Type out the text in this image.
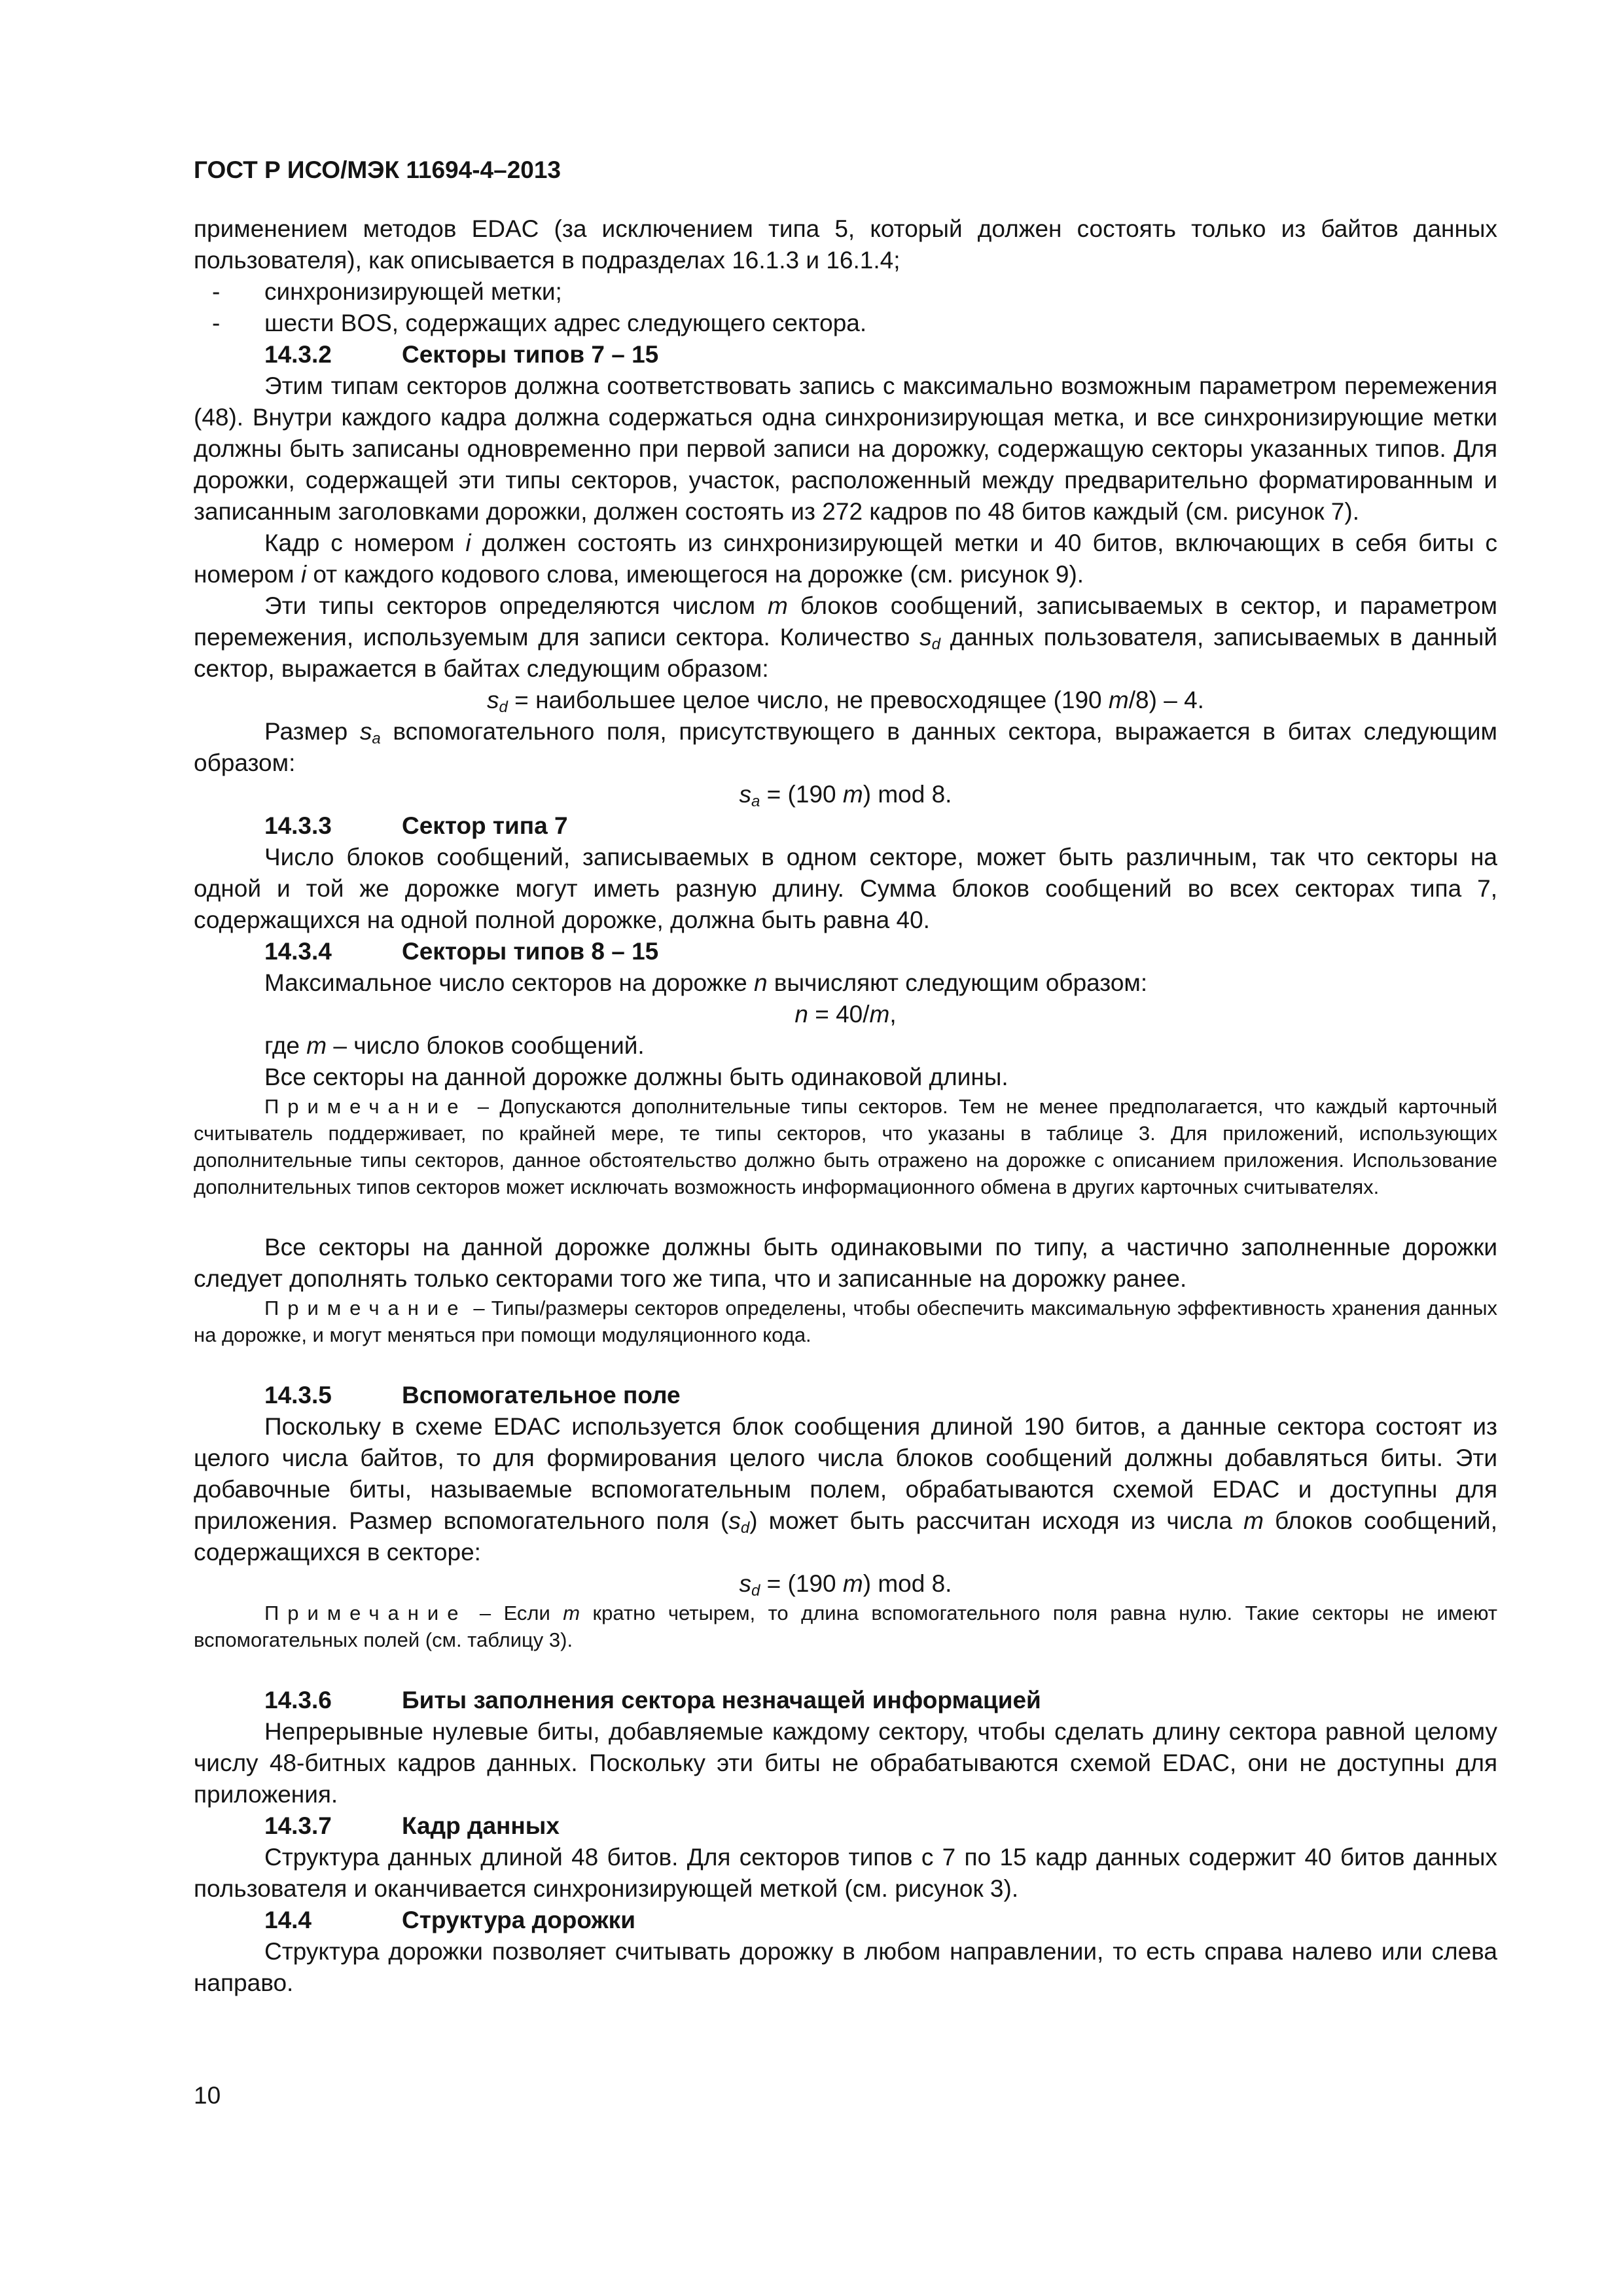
ГОСТ Р ИСО/МЭК 11694-4–2013

применением методов EDAC (за исключением типа 5, который должен состоять только из байтов данных пользователя), как описывается в подразделах 16.1.3 и 16.1.4;

- синхронизирующей метки;
- шести BOS, содержащих адрес следующего сектора.
14.3.2	Секторы типов 7 – 15

Этим типам секторов должна соответствовать запись с максимально возможным параметром перемежения (48). Внутри каждого кадра должна содержаться одна синхронизирующая метка, и все синхронизирующие метки должны быть записаны одновременно при первой записи на дорожку, содержащую секторы указанных типов. Для дорожки, содержащей эти типы секторов, участок, расположенный между предварительно форматированным и записанным заголовками дорожки, должен состоять из 272 кадров по 48 битов каждый (см. рисунок 7).

Кадр с номером i должен состоять из синхронизирующей метки и 40 битов, включающих в себя биты с номером i от каждого кодового слова, имеющегося на дорожке (см. рисунок 9).

Эти типы секторов определяются числом m блоков сообщений, записываемых в сектор, и параметром перемежения, используемым для записи сектора. Количество $s_d$ данных пользователя, записываемых в данный сектор, выражается в байтах следующим образом:

$s_d$ = наибольшее целое число, не превосходящее (190 m/8) – 4.

Размер $s_a$ вспомогательного поля, присутствующего в данных сектора, выражается в битах следующим образом:

$s_a = (190$ m) mod 8.

14.3.3	Сектор типа 7

Число блоков сообщений, записываемых в одном секторе, может быть различным, так что секторы на одной и той же дорожке могут иметь разную длину. Сумма блоков сообщений во всех секторах типа 7, содержащихся на одной полной дорожке, должна быть равна 40.

14.3.4	Секторы типов 8 – 15

Максимальное число секторов на дорожке n вычисляют следующим образом:

n = 40/m,

где m – число блоков сообщений.

Все секторы на данной дорожке должны быть одинаковой длины.

Примечание – Допускаются дополнительные типы секторов. Тем не менее предполагается, что каждый карточный считыватель поддерживает, по крайней мере, те типы секторов, что указаны в таблице 3. Для приложений, использующих дополнительные типы секторов, данное обстоятельство должно быть отражено на дорожке с описанием приложения. Использование дополнительных типов секторов может исключать возможность информационного обмена в других карточных считывателях.

Все секторы на данной дорожке должны быть одинаковыми по типу, а частично заполненные дорожки следует дополнять только секторами того же типа, что и записанные на дорожку ранее.

Примечание – Типы/размеры секторов определены, чтобы обеспечить максимальную эффективность хранения данных на дорожке, и могут меняться при помощи модуляционного кода.

14.3.5	Вспомогательное поле

Поскольку в схеме EDAC используется блок сообщения длиной 190 битов, а данные сектора состоят из целого числа байтов, то для формирования целого числа блоков сообщений должны добавляться биты. Эти добавочные биты, называемые вспомогательным полем, обрабатываются схемой EDAC и доступны для приложения. Размер вспомогательного поля $(s_d)$ может быть рассчитан исходя из числа m блоков сообщений, содержащихся в секторе:

$s_d = (190$ m) mod 8.

Примечание – Если m кратно четырем, то длина вспомогательного поля равна нулю. Такие секторы не имеют вспомогательных полей (см. таблицу 3).

14.3.6	Биты заполнения сектора незначащей информацией

Непрерывные нулевые биты, добавляемые каждому сектору, чтобы сделать длину сектора равной целому числу 48-битных кадров данных. Поскольку эти биты не обрабатываются схемой EDAC, они не доступны для приложения.

14.3.7	Кадр данных

Структура данных длиной 48 битов. Для секторов типов с 7 по 15 кадр данных содержит 40 битов данных пользователя и оканчивается синхронизирующей меткой (см. рисунок 3).

14.4	Структура дорожки

Структура дорожки позволяет считывать дорожку в любом направлении, то есть справа налево или слева направо.

10
